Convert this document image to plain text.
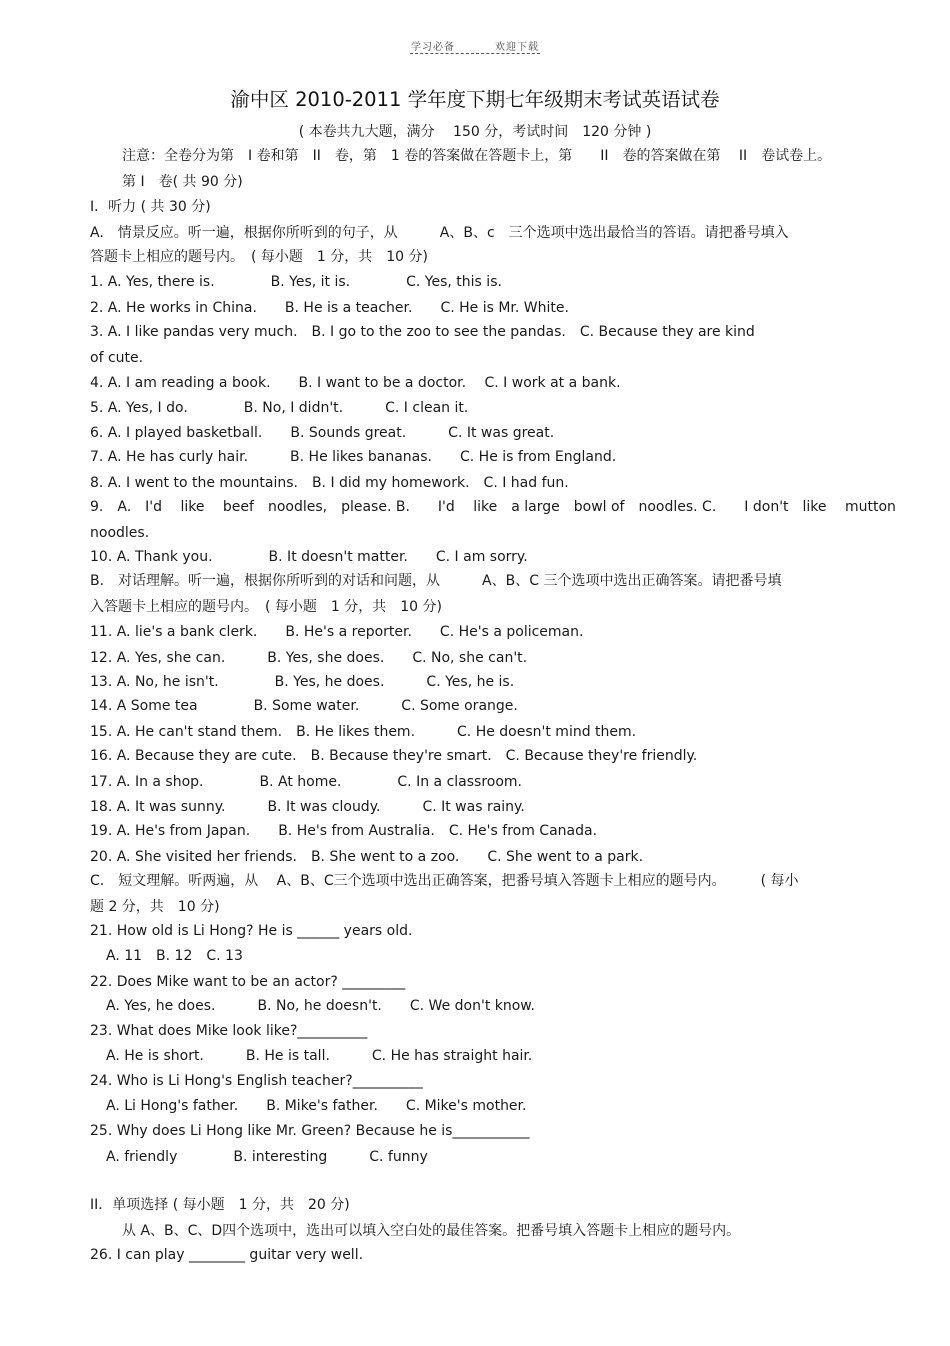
学习必备	欢迎下载
渝中区 2010-2011 学年度下期七年级期末考试英语试卷
( 本卷共九大题，满分　 150 分，考试时间　120 分钟 )
注意：全卷分为第　I 卷和第　II　卷，第　1 卷的答案做在答题卡上，第　　II　卷的答案做在第　 II　卷试卷上。
第 I　卷( 共 90 分)
I．听力 ( 共 30 分)
A.　情景反应。听一遍，根据你所听到的句子，从　　　A、B、c　三个选项中选出最恰当的答语。请把番号填入
答题卡上相应的题号内。　( 每小题　1 分，共　10 分)
1. A. Yes, there is.　　　　B. Yes, it is.　　　　C. Yes, this is.
2. A. He works in China.　　B. He is a teacher.　　C. He is Mr. White.
3. A. I like pandas very much.　B. I go to the zoo to see the pandas.　C. Because they are kind
of cute.
4. A. I am reading a book.　　B. I want to be a doctor.　 C. I work at a bank.
5. A. Yes, I do.　　　　B. No, I didn't.　　　C. I clean it.
6. A. I played basketball.　　B. Sounds great.　　　C. It was great.
7. A. He has curly hair.　　　B. He likes bananas.　　C. He is from England.
8. A. I went to the mountains.　B. I did my homework.　C. I had fun.
9.　A.　I'd　 like　 beef　noodles,　please. B.　　I'd　 like　a large　bowl of　noodles. C.　　I don't　like　 mutton
noodles.
10. A. Thank you.　　　　B. It doesn't matter.　　C. I am sorry.
B.　对话理解。听一遍，根据你所听到的对话和问题，从　　　A、B、C 三个选项中选出正确答案。请把番号填
入答题卡上相应的题号内。　( 每小题　1 分，共　10 分)
11. A. lie's a bank clerk.　　B. He's a reporter.　　C. He's a policeman.
12. A. Yes, she can.　　　B. Yes, she does.　　C. No, she can't.
13. A. No, he isn't.　　　　B. Yes, he does.　　　C. Yes, he is.
14. A Some tea　　　　B. Some water.　　　C. Some orange.
15. A. He can't stand them.　B. He likes them.　　　C. He doesn't mind them.
16. A. Because they are cute.　B. Because they're smart.　C. Because they're friendly.
17. A. In a shop.　　　　B. At home.　　　　C. In a classroom.
18. A. It was sunny.　　　B. It was cloudy.　　　C. It was rainy.
19. A. He's from Japan.　　B. He's from Australia.　C. He's from Canada.
20. A. She visited her friends.　B. She went to a zoo.　　C. She went to a park.
C.　短文理解。听两遍，从　 A、B、C三个选项中选出正确答案，把番号填入答题卡上相应的题号内。　　　( 每小
题 2 分，共　10 分)
21. How old is Li Hong? He is ______ years old.
A. 11　B. 12　C. 13
22. Does Mike want to be an actor? _________
A. Yes, he does.　　　B. No, he doesn't.　　C. We don't know.
23. What does Mike look like?__________
A. He is short.　　　B. He is tall.　　　C. He has straight hair.
24. Who is Li Hong's English teacher?__________
A. Li Hong's father.　　B. Mike's father.　　C. Mike's mother.
25. Why does Li Hong like Mr. Green? Because he is___________
A. friendly　　　　B. interesting　　　C. funny
II．单项选择 ( 每小题　1 分，共　20 分)
从 A、B、C、D四个选项中，选出可以填入空白处的最佳答案。把番号填入答题卡上相应的题号内。
26. I can play ________ guitar very well.
